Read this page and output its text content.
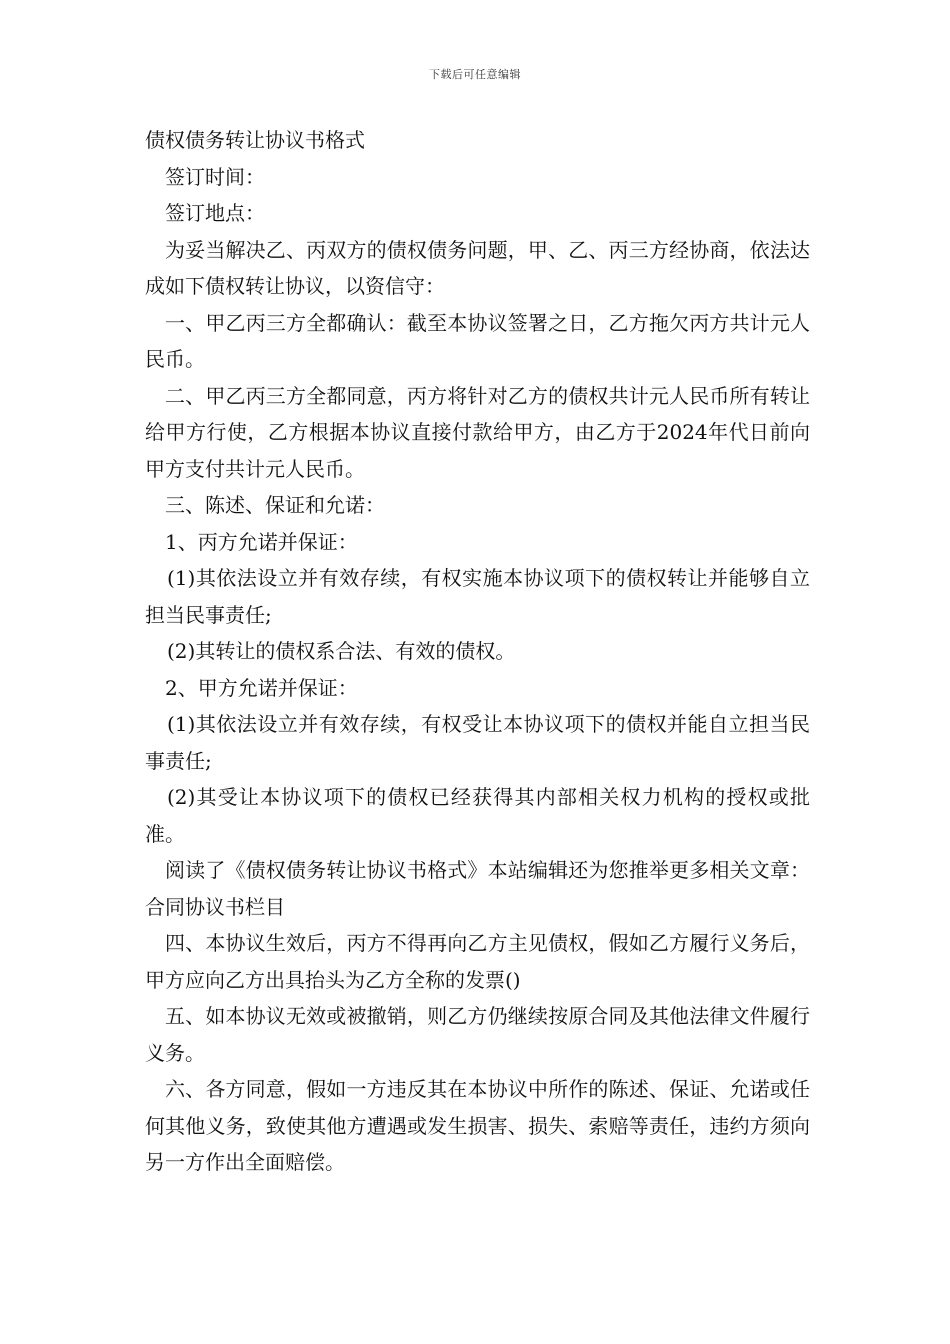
下载后可任意编辑

债权债务转让协议书格式

签订时间：

签订地点：

为妥当解决乙、丙双方的债权债务问题，甲、乙、丙三方经协商，依法达成如下债权转让协议，以资信守：

一、甲乙丙三方全都确认：截至本协议签署之日，乙方拖欠丙方共计元人民币。

二、甲乙丙三方全都同意，丙方将针对乙方的债权共计元人民币所有转让给甲方行使，乙方根据本协议直接付款给甲方，由乙方于2024年代日前向甲方支付共计元人民币。

三、陈述、保证和允诺：

1、丙方允诺并保证：

(1)其依法设立并有效存续，有权实施本协议项下的债权转让并能够自立担当民事责任;

(2)其转让的债权系合法、有效的债权。

2、甲方允诺并保证：

(1)其依法设立并有效存续，有权受让本协议项下的债权并能自立担当民事责任;

(2)其受让本协议项下的债权已经获得其内部相关权力机构的授权或批准。

阅读了《债权债务转让协议书格式》本站编辑还为您推举更多相关文章：合同协议书栏目

四、本协议生效后，丙方不得再向乙方主见债权，假如乙方履行义务后，甲方应向乙方出具抬头为乙方全称的发票()

五、如本协议无效或被撤销，则乙方仍继续按原合同及其他法律文件履行义务。

六、各方同意，假如一方违反其在本协议中所作的陈述、保证、允诺或任何其他义务，致使其他方遭遇或发生损害、损失、索赔等责任，违约方须向另一方作出全面赔偿。
